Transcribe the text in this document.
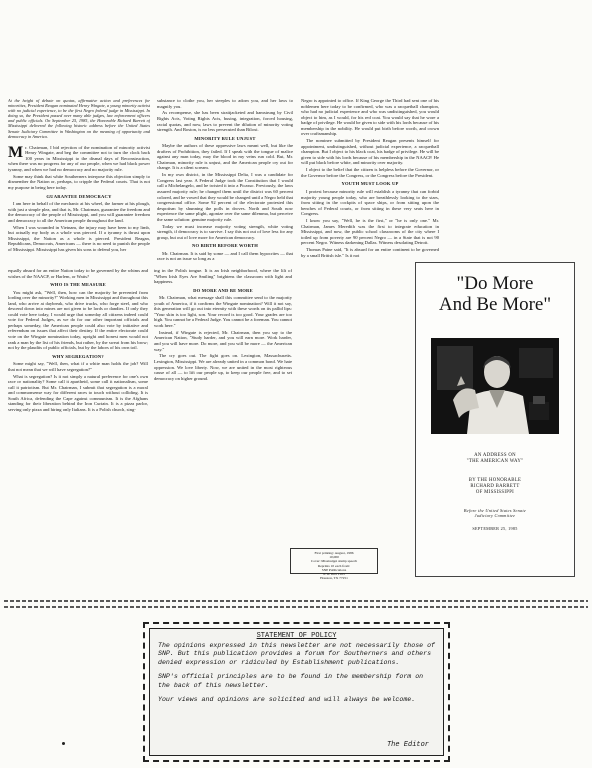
At the height of debate on quotas, affirmative action and preferences for minorities, President Reagan nominated Henry Wingate, a young minority activist with no judicial experience, to be the first Negro federal judge in Mississippi. In doing so, the President passed over many able judges, law enforcement officers and public officials. On September 25, 1985, the Honorable Richard Barrett of Mississippi delivered the following historic address before the United States Senate Judiciary Committee in Washington on the meaning of opportunity and democracy in America.

Mr. Chairman, I bid rejection of the nomination of minority activist Henry Wingate, and beg the committee not to turn the clock back 100 years in Mississippi to the dismal days of Reconstruction, when there was no progress for any of our people, when we had black power tyranny, and when we had no democracy and no majority rule.

Some may think that white Southerners interpose this objection simply to dismember the Nation or, perhaps, to cripple the Federal courts. That is not my purpose in being here today.

GUARANTEE DEMOCRACY

I am here in behalf of the mechanic at his wheel, the farmer at his plough, with just a simple plea, and that is, Mr. Chairman, guarantee the freedom and the democracy of the people of Mississippi, and you will guarantee freedom and democracy to all the American people throughout the land.

When I was wounded in Vietnam, the injury may have been to my limb, but actually my body as a whole was pierced. If a tyranny is thrust upon Mississippi, the Nation as a whole is pierced. President Reagan, Republicans, Democrats, Americans — there is no need to punish the people of Mississippi. Mississippi has given his sons to defend you, her

substance to clothe you, her steeples to adorn you, and her laws to magnify you.

As recompense, she has been straitjacketed and hamstrung by Civil Rights Acts, Voting Rights Acts, busing, integration, forced housing, racial quotas, and now, laws to prevent the dilution of minority voting strength. And Boston, is no less persecuted than Biloxi.

MINORITY RULE UNJUST

Maybe the authors of these oppressive laws meant well, but like the drafters of Prohibition, they failed. If I speak with the tongue of malice against any man today, may the blood in my veins run cold. But, Mr. Chairman, minority rule is unjust, and the American people cry out for change. It is a silent scream.

In my own district, in the Mississippi Delta, I was a candidate for Congress last year. A Federal Judge took the Constitution that I would call a Michelangelo, and he twisted it into a Picasso. Previously, the laws assured majority rule; he changed them until the district was 60 percent colored, and he vowed that they would be changed until a Negro held that congressional office. Some 92 percent of the electorate protested this despotism by shunning the polls in droves. North and South now experience the same plight, agonize over the same dilemma, but perceive the same solution: genuine majority rule.

Today we must increase majority voting strength, white voting strength, if democracy is to survive. I say this not out of love less for any group, but out of love more for American democracy.

NO BIRTH BEFORE WORTH

Mr. Chairman. It is said by some — and I call them hypocrites — that race is not an issue so long as a

Negro is appointed to office. If King George the Third had sent one of his noblemen here today to be confirmed, who was a racquetball champion, who had no judicial experience and who was undistinguished, you would object to him, as I would, for his red coat. You would say that he wore a badge of privilege. He would be given to side with his lords because of his membership in the nobility. He would put birth before worth, and crown over craftsmanship.

The nominee submitted by President Reagan presents himself for appointment, undistinguished, without judicial experience, a racquetball champion. But I object to his black coat, his badge of privilege. He will be given to side with his lords because of his membership in the NAACP. He will put black before white, and minority over majority.

I object to the belief that the citizen is helpless before the Governor, or the Governor before the Congress, or the Congress before the President.

YOUTH MUST LOOK UP

I protest because minority rule will establish a tyranny that can forbid majority young people today, who are breathlessly looking to the stars, from sitting in the cockpits of space ships, or from sitting upon the benches of Federal courts, or from sitting in these very seats here in Congress.

I know you say, "Well, he is the first," or "he is only one." Mr. Chairman, James Meredith was the first to integrate education in Mississippi, and now, the public school classrooms of the city where I toiled up from poverty are 90 percent Negro — in a State that is not 90 percent Negro. Witness darkening Dallas. Witness desolating Detroit.

Thomas Paine said, "It is absurd for an entire continent to be governed by a small British isle." Is it not

equally absurd for an entire Nation today to be governed by the whims and wishes of the NAACP, or Harlem, or Watts?

WHO IS THE MEASURE

You might ask, "Well, then, how can the majority be prevented from lording over the minority?" Working men in Mississippi and throughout this land, who arrive at daybreak, who drive trucks, who forge steel, and who descend down into mines are not given to be lords or dandies. If only they could vote here today, I would urge that someday all citizens indeed could vote for Federal Judges, as we do for our other important officials and perhaps someday, the American people could also vote by initiative and referendum on issues that affect their destiny. If the entire electorate could vote on the Wingate nomination today, upright and honest men would not rank a man by the list of his friends, but rather, by the sweat from his brow; not by the plaudits of public officials, but by the labors of his own toil.

WHY SEGREGATION?

Some might say, "Well, then, what if a white man holds the job? Will that not mean that we will have segregation?"

What is segregation? Is it not simply a natural preference for one's own race or nationality? Some call it apartheid, some call it nationalism, some call it patriotism. But Mr. Chairman, I submit that segregation is a moral and commonsense way for different races to touch without colliding. It is South Africa, defending the Cape against communism. It is the Afghans standing for their liberation behind the Iron Curtain. It is a pizza parlor, serving only pizza and hiring only Italians. It is a Polish church, sing-

ing in the Polish tongue. It is an Irish neighborhood, where the lilt of "When Irish Eyes Are Smiling" brightens the classroom with light and happiness.

DO MORE AND BE MORE

Mr. Chairman, what message shall this committee send to the majority youth of America, if it confirms the Wingate nomination? Will it not say, this generation will go out into eternity with these words on its pallid lips: "Your skin is too light, son. Your record is too good. Your grades are too high. You cannot be a Federal Judge. You cannot be a foreman. You cannot work here."

Instead, if Wingate is rejected, Mr. Chairman, then you say to the American Nation, "Study harder, and you will earn more. Work harder, and you will have more. Do more, and you will be more — the American way."

The cry goes out. The fight goes on. Lexington, Massachusetts. Lexington, Mississippi. We are already united in a common bond. We hate oppression. We love liberty. Now, we are united in the most righteous cause of all — to lift our people up, to keep our people free, and to set democracy on higher ground.

First printing: August, 1986
10,000
Cover: Mississippi stump speech
Reprints 10 each from:
SNP Publications
P. O. Box 1183
Houston, TX 77251
"Do More
And Be More"
AN ADDRESS ON
"THE AMERICAN WAY"
BY THE HONORABLE
RICHARD BARRETT
OF MISSISSIPPI
Before the United States Senate
Judiciary Committee
SEPTEMBER 25, 1985
STATEMENT OF POLICY

The opinions expressed in this newsletter are not necessarily those of SNP. But this publication provides a forum for Southerners and others denied expression or ridiculed by Establishment publications.

SNP's official principles are to be found in the membership form on the back of this newsletter.

Your views and opinions are solicited and will always be welcome.

The Editor
